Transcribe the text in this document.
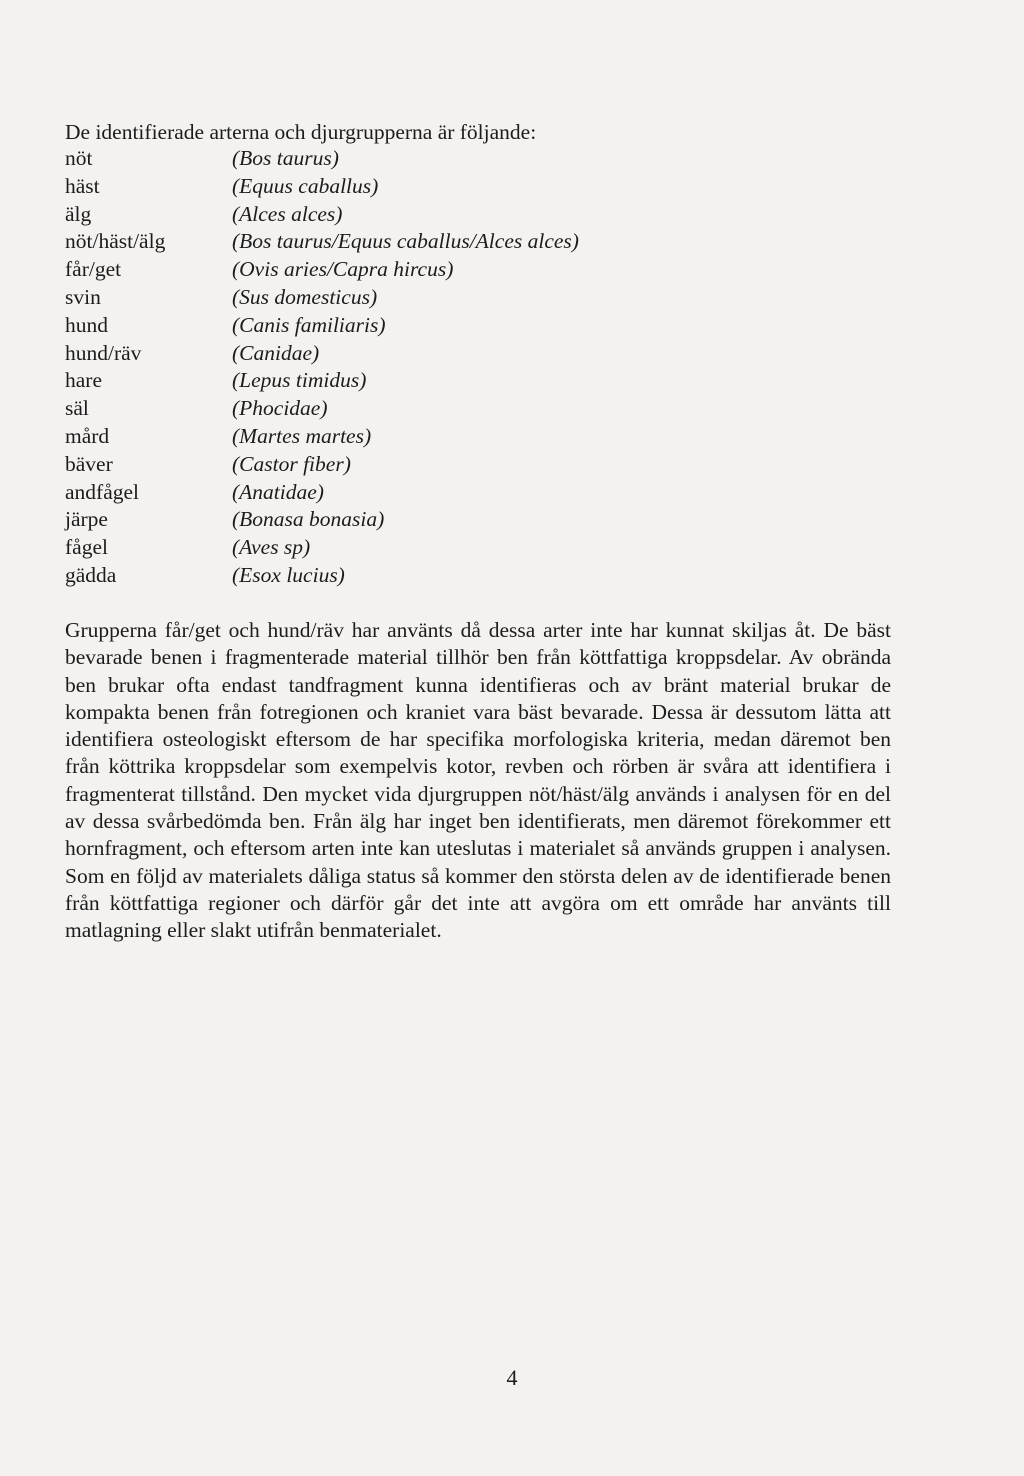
De identifierade arterna och djurgrupperna är följande:

nöt	(Bos taurus)
häst	(Equus caballus)
älg	(Alces alces)
nöt/häst/älg	(Bos taurus/Equus caballus/Alces alces)
får/get	(Ovis aries/Capra hircus)
svin	(Sus domesticus)
hund	(Canis familiaris)
hund/räv	(Canidae)
hare	(Lepus timidus)
säl	(Phocidae)
mård	(Martes martes)
bäver	(Castor fiber)
andfågel	(Anatidae)
järpe	(Bonasa bonasia)
fågel	(Aves sp)
gädda	(Esox lucius)

Grupperna får/get och hund/räv har använts då dessa arter inte har kunnat skiljas åt. De bäst bevarade benen i fragmenterade material tillhör ben från köttfattiga kroppsdelar. Av obrända ben brukar ofta endast tandfragment kunna identifieras och av bränt material brukar de kompakta benen från fotregionen och kraniet vara bäst bevarade. Dessa är dessutom lätta att identifiera osteologiskt eftersom de har specifika morfologiska kriteria, medan däremot ben från köttrika kroppsdelar som exempelvis kotor, revben och rörben är svåra att identifiera i fragmenterat tillstånd. Den mycket vida djurgruppen nöt/häst/älg används i analysen för en del av dessa svårbedömda ben. Från älg har inget ben identifierats, men däremot förekommer ett hornfragment, och eftersom arten inte kan uteslutas i materialet så används gruppen i analysen. Som en följd av materialets dåliga status så kommer den största delen av de identifierade benen från köttfattiga regioner och därför går det inte att avgöra om ett område har använts till matlagning eller slakt utifrån benmaterialet.

4
